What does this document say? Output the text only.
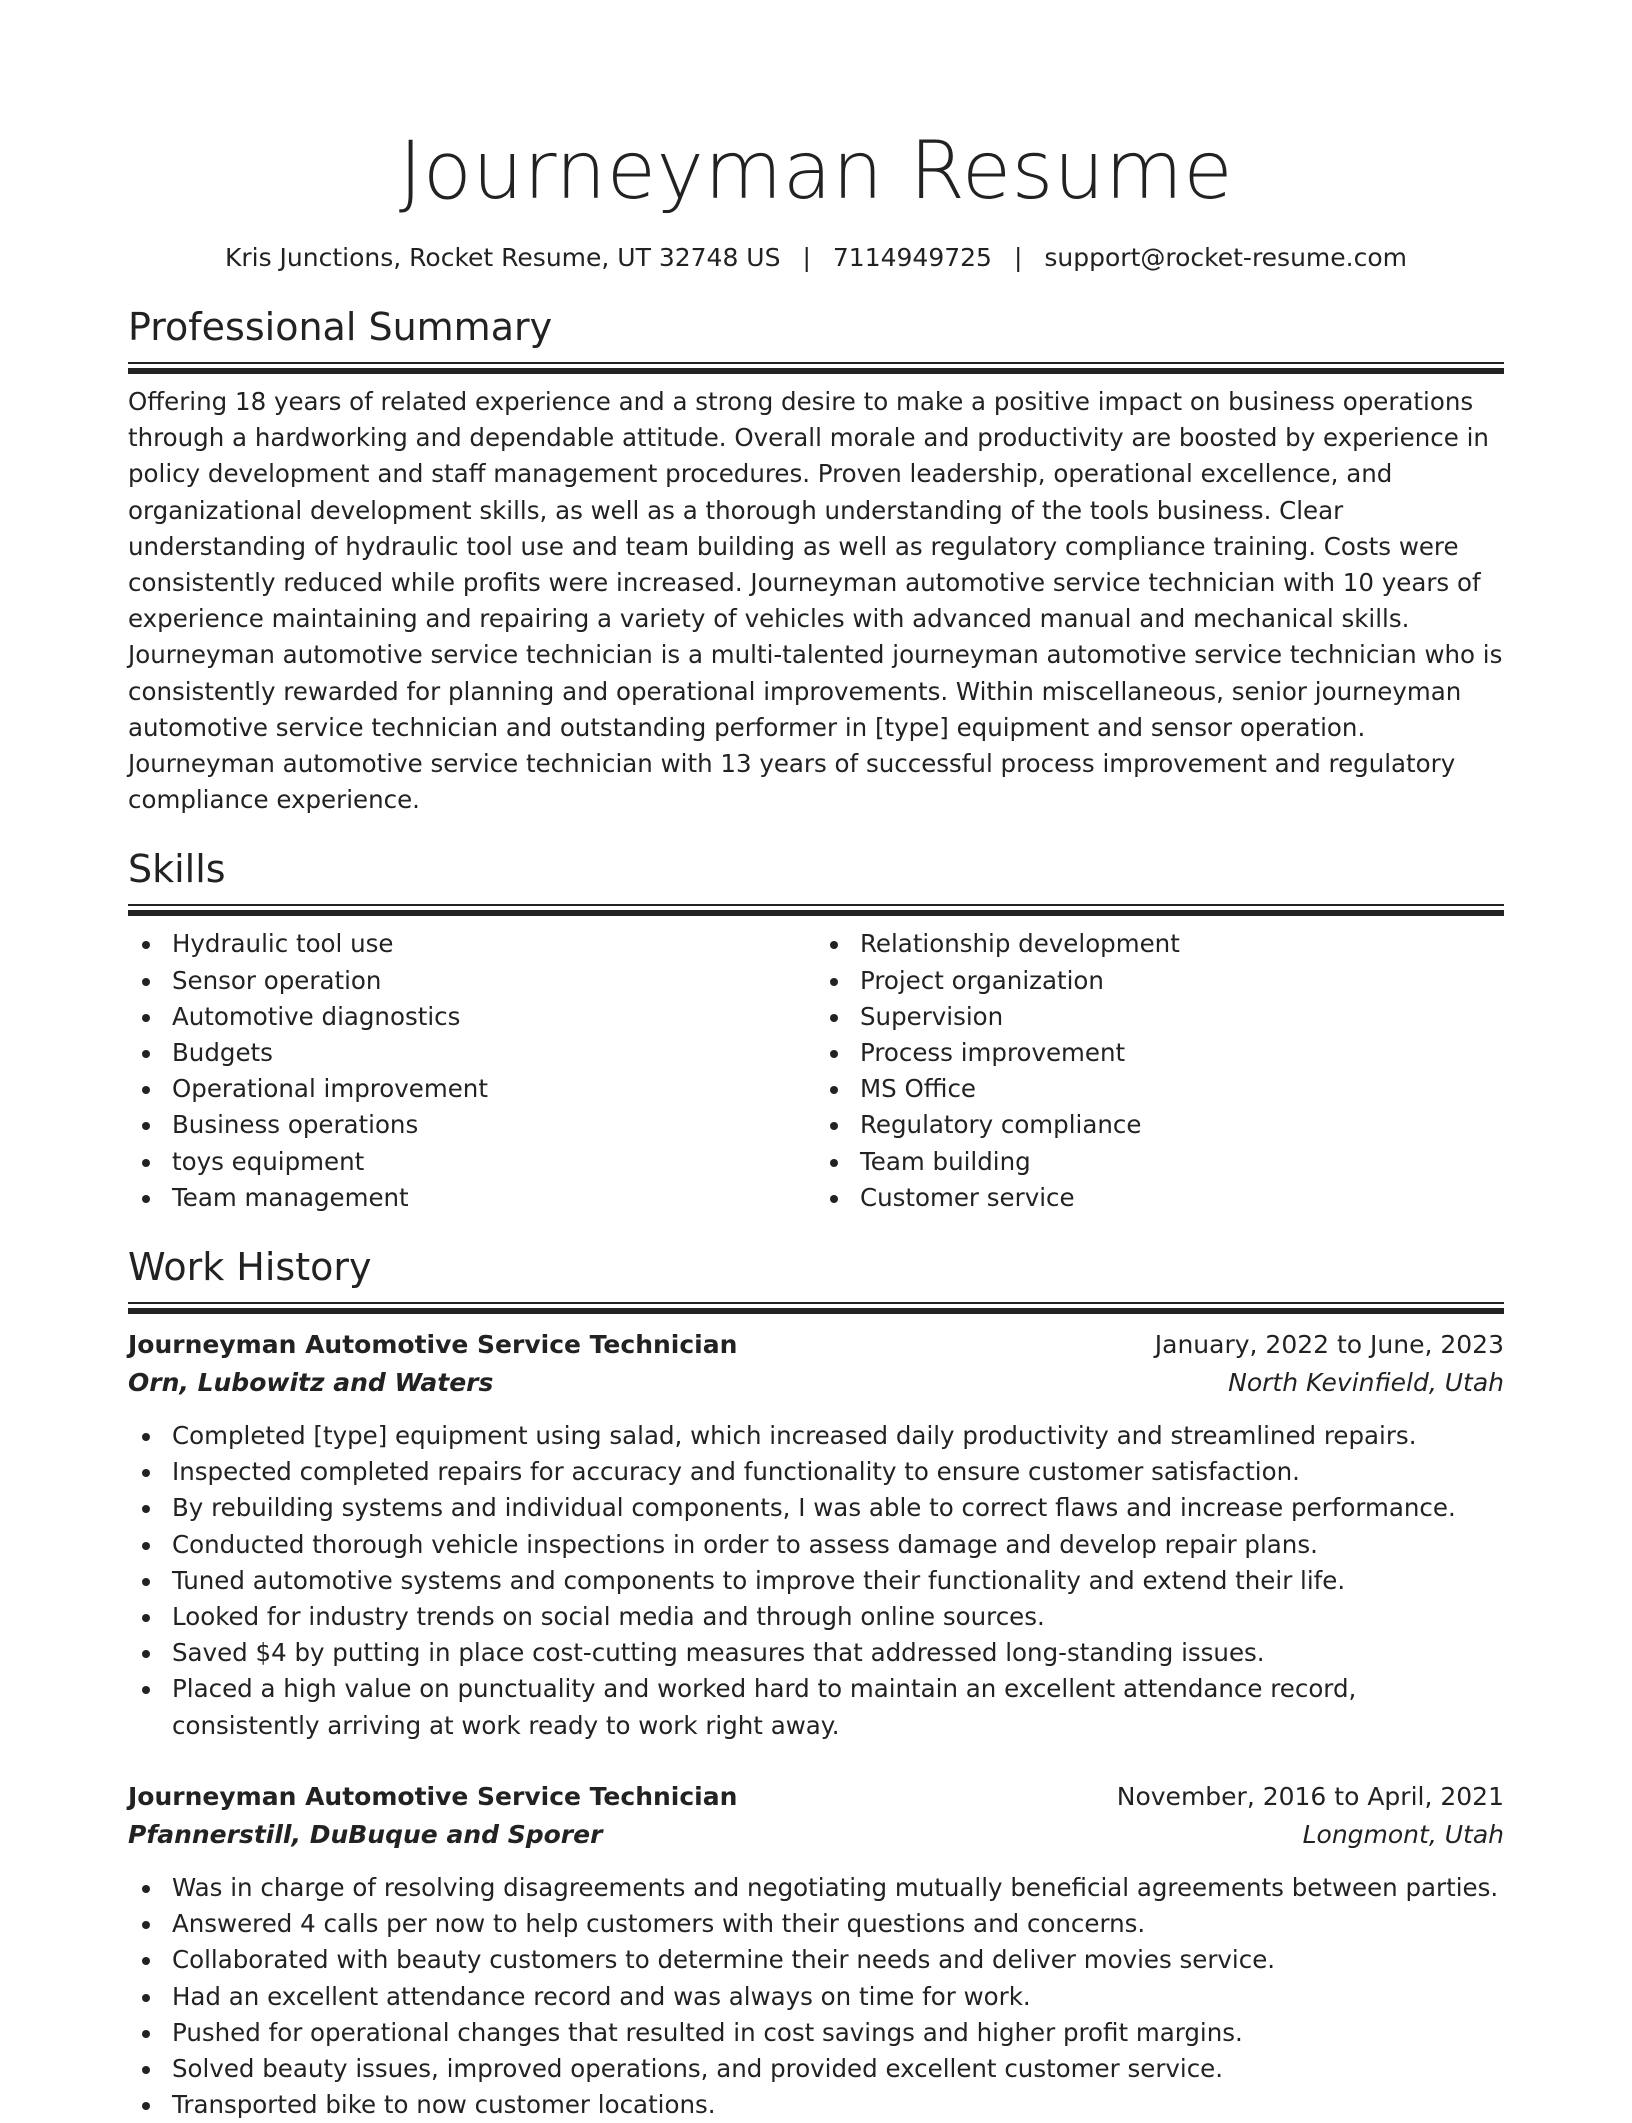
Journeyman Resume
Kris Junctions, Rocket Resume, UT 32748 US | 7114949725 | support@rocket-resume.com
Professional Summary

Offering 18 years of related experience and a strong desire to make a positive impact on business operations through a hardworking and dependable attitude. Overall morale and productivity are boosted by experience in policy development and staff management procedures. Proven leadership, operational excellence, and organizational development skills, as well as a thorough understanding of the tools business. Clear understanding of hydraulic tool use and team building as well as regulatory compliance training. Costs were consistently reduced while profits were increased. Journeyman automotive service technician with 10 years of experience maintaining and repairing a variety of vehicles with advanced manual and mechanical skills. Journeyman automotive service technician is a multi-talented journeyman automotive service technician who is consistently rewarded for planning and operational improvements. Within miscellaneous, senior journeyman automotive service technician and outstanding performer in [type] equipment and sensor operation. Journeyman automotive service technician with 13 years of successful process improvement and regulatory compliance experience.

Skills
Hydraulic tool use
Sensor operation
Automotive diagnostics
Budgets
Operational improvement
Business operations
toys equipment
Team management
Relationship development
Project organization
Supervision
Process improvement
MS Office
Regulatory compliance
Team building
Customer service
Work History
Journeyman Automotive Service Technician	January, 2022 to June, 2023
Orn, Lubowitz and Waters	North Kevinfield, Utah
Completed [type] equipment using salad, which increased daily productivity and streamlined repairs.
Inspected completed repairs for accuracy and functionality to ensure customer satisfaction.
By rebuilding systems and individual components, I was able to correct flaws and increase performance.
Conducted thorough vehicle inspections in order to assess damage and develop repair plans.
Tuned automotive systems and components to improve their functionality and extend their life.
Looked for industry trends on social media and through online sources.
Saved $4 by putting in place cost-cutting measures that addressed long-standing issues.
Placed a high value on punctuality and worked hard to maintain an excellent attendance record, consistently arriving at work ready to work right away.
Journeyman Automotive Service Technician	November, 2016 to April, 2021
Pfannerstill, DuBuque and Sporer	Longmont, Utah
Was in charge of resolving disagreements and negotiating mutually beneficial agreements between parties.
Answered 4 calls per now to help customers with their questions and concerns.
Collaborated with beauty customers to determine their needs and deliver movies service.
Had an excellent attendance record and was always on time for work.
Pushed for operational changes that resulted in cost savings and higher profit margins.
Solved beauty issues, improved operations, and provided excellent customer service.
Transported bike to now customer locations.
